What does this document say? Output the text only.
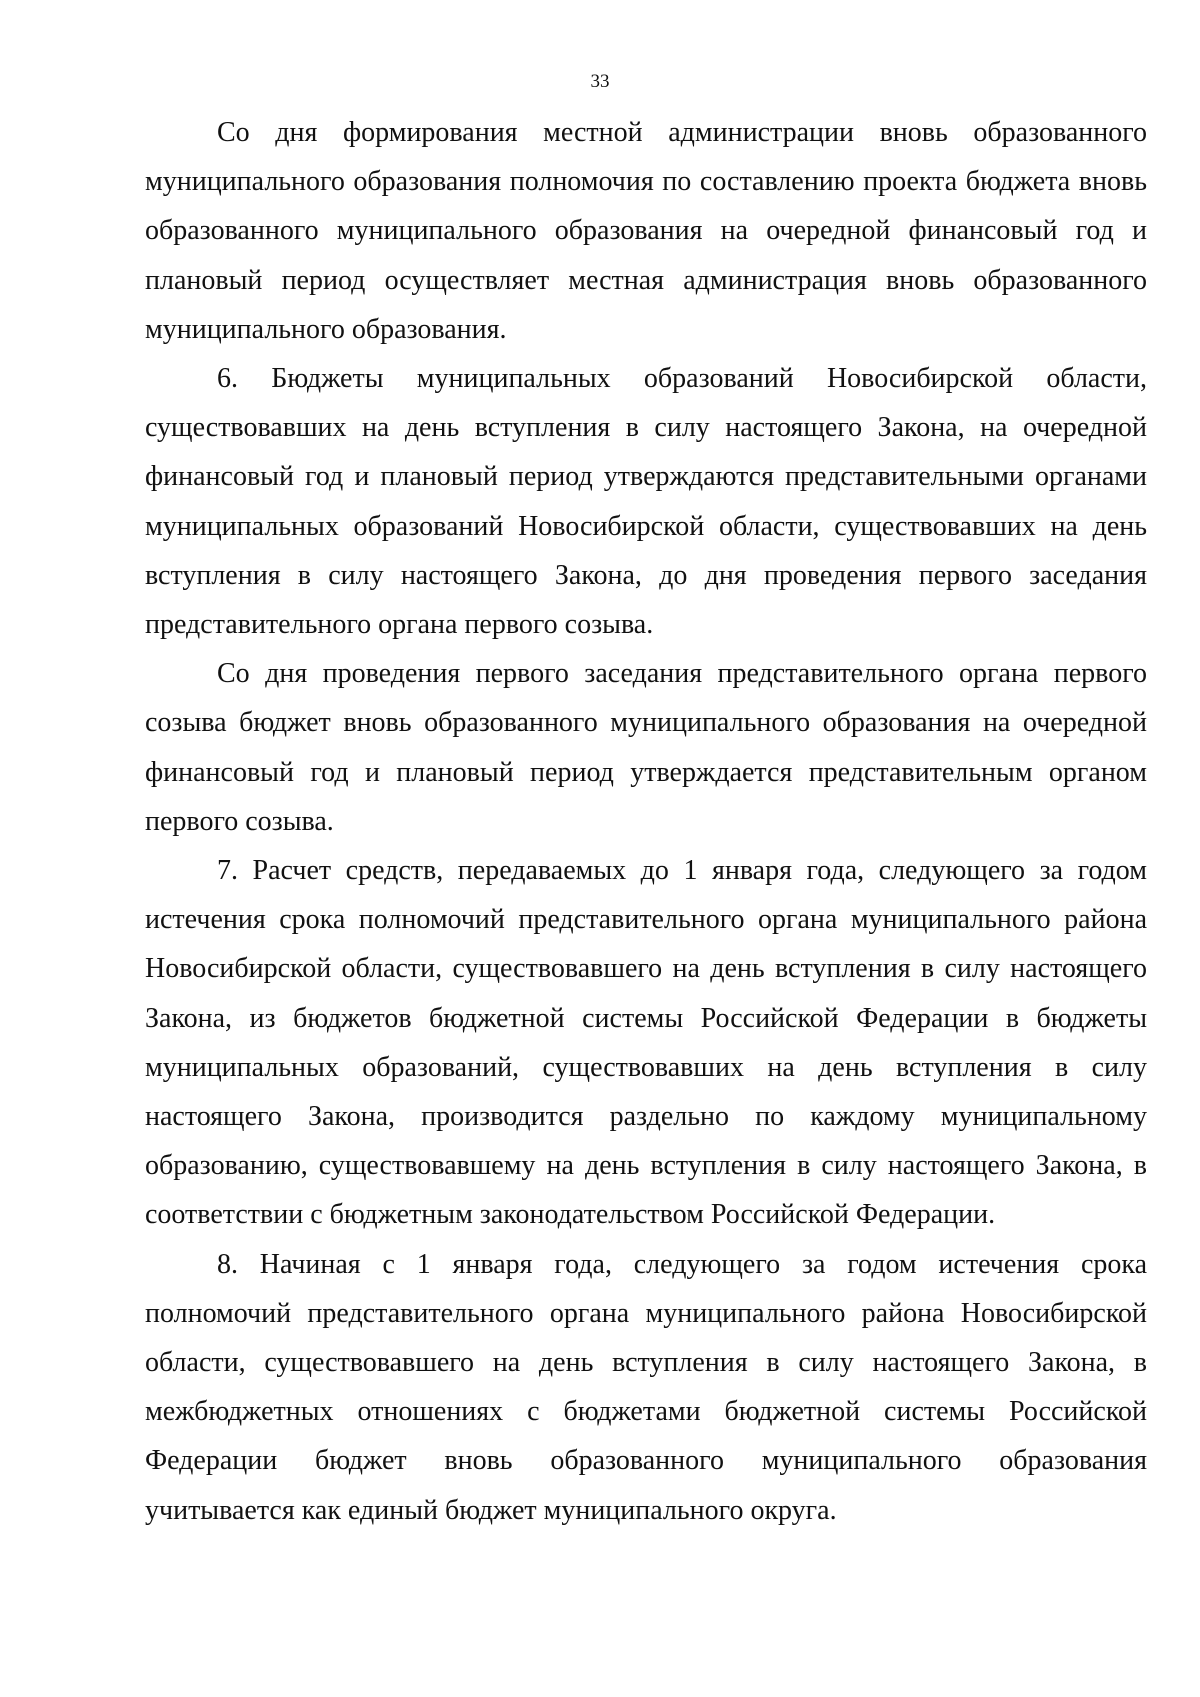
33

Со дня формирования местной администрации вновь образованного муниципального образования полномочия по составлению проекта бюджета вновь образованного муниципального образования на очередной финансовый год и плановый период осуществляет местная администрация вновь образованного муниципального образования.

6. Бюджеты муниципальных образований Новосибирской области, существовавших на день вступления в силу настоящего Закона, на очередной финансовый год и плановый период утверждаются представительными органами муниципальных образований Новосибирской области, существовавших на день вступления в силу настоящего Закона, до дня проведения первого заседания представительного органа первого созыва.

Со дня проведения первого заседания представительного органа первого созыва бюджет вновь образованного муниципального образования на очередной финансовый год и плановый период утверждается представительным органом первого созыва.

7. Расчет средств, передаваемых до 1 января года, следующего за годом истечения срока полномочий представительного органа муниципального района Новосибирской области, существовавшего на день вступления в силу настоящего Закона, из бюджетов бюджетной системы Российской Федерации в бюджеты муниципальных образований, существовавших на день вступления в силу настоящего Закона, производится раздельно по каждому муниципальному образованию, существовавшему на день вступления в силу настоящего Закона, в соответствии с бюджетным законодательством Российской Федерации.

8. Начиная с 1 января года, следующего за годом истечения срока полномочий представительного органа муниципального района Новосибирской области, существовавшего на день вступления в силу настоящего Закона, в межбюджетных отношениях с бюджетами бюджетной системы Российской Федерации бюджет вновь образованного муниципального образования учитывается как единый бюджет муниципального округа.
